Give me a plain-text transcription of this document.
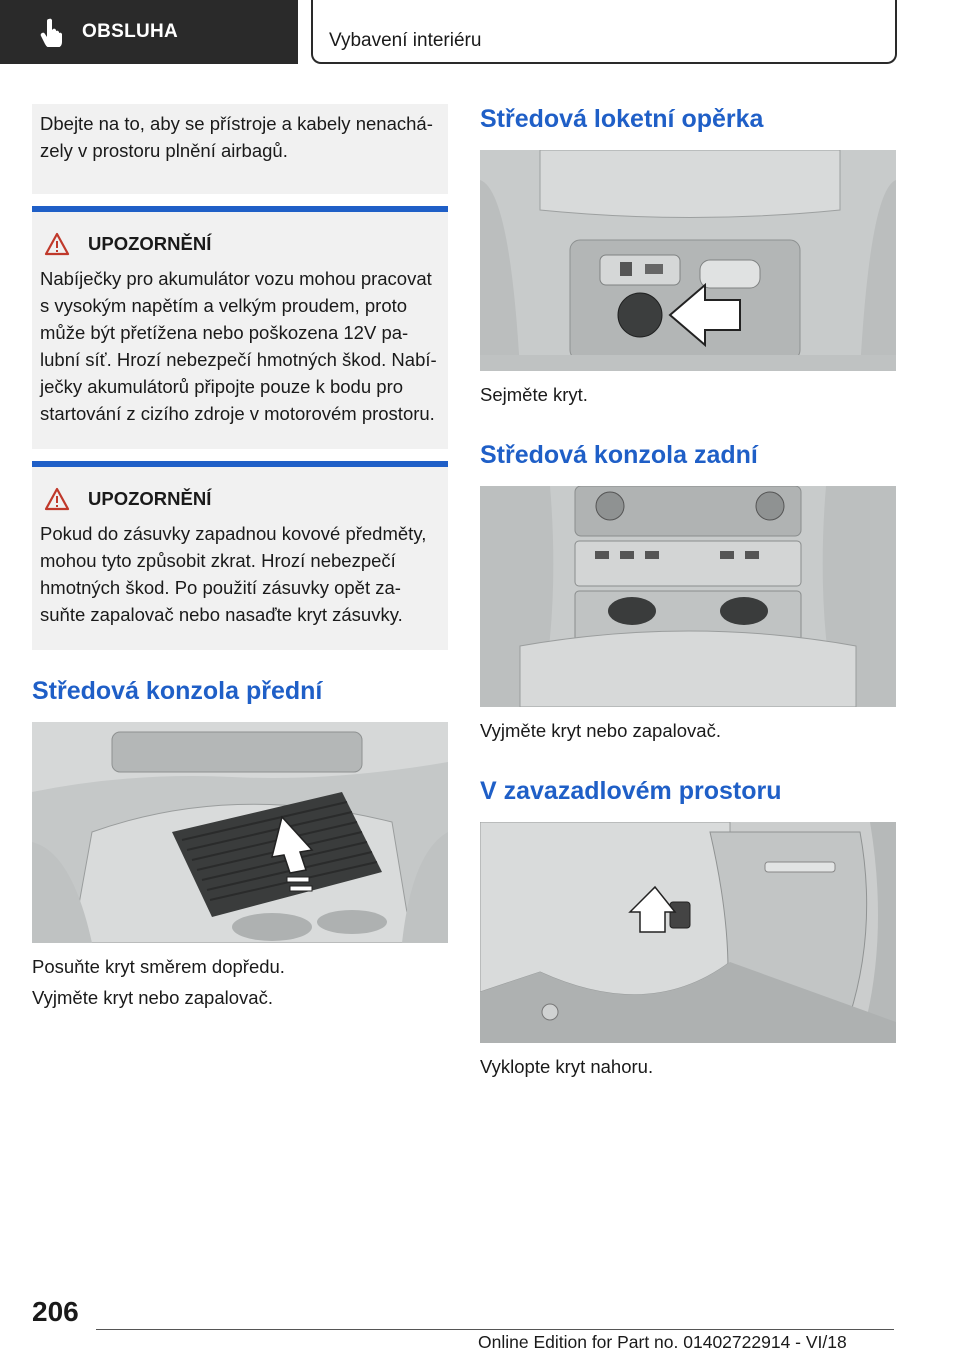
OBSLUHA	Vybavení interiéru
Dbejte na to, aby se přístroje a kabely nenacházely v prostoru plnění airbagů.
UPOZORNĚNÍ
Nabíječky pro akumulátor vozu mohou pracovat s vysokým napětím a velkým proudem, proto může být přetížena nebo poškozena 12V palubní síť. Hrozí nebezpečí hmotných škod. Nabíječky akumulátorů připojte pouze k bodu pro startování z cizího zdroje v motorovém prostoru.
UPOZORNĚNÍ
Pokud do zásuvky zapadnou kovové předměty, mohou tyto způsobit zkrat. Hrozí nebezpečí hmotných škod. Po použití zásuvky opět zasuňte zapalovač nebo nasaďte kryt zásuvky.
Středová konzola přední
Posuňte kryt směrem dopředu.
Vyjměte kryt nebo zapalovač.
Středová loketní opěrka
Sejměte kryt.
Středová konzola zadní
Vyjměte kryt nebo zapalovač.
V zavazadlovém prostoru
Vyklopte kryt nahoru.
206
Online Edition for Part no. 01402722914 - VI/18
